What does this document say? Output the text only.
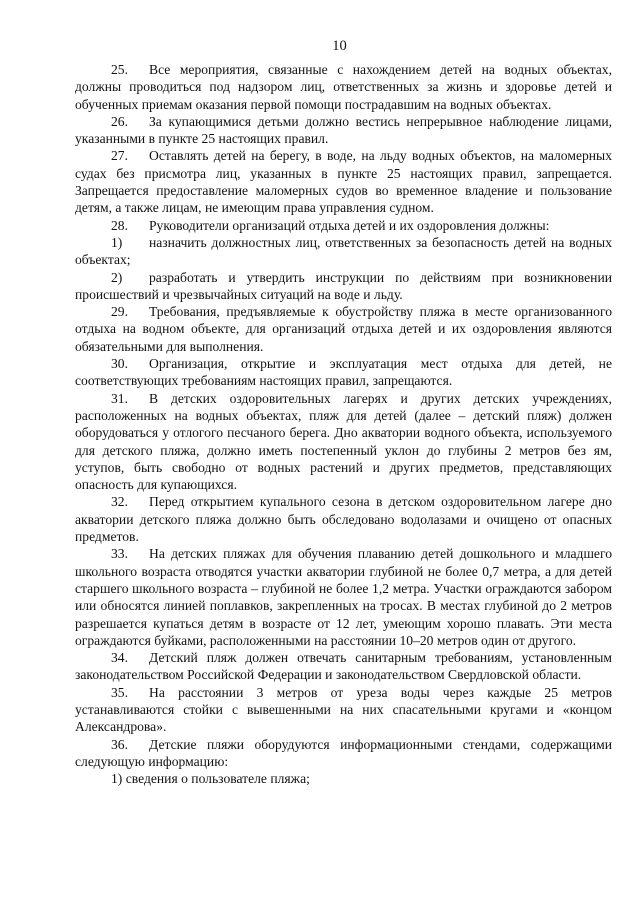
10

25. Все мероприятия, связанные с нахождением детей на водных объектах, должны проводиться под надзором лиц, ответственных за жизнь и здоровье детей и обученных приемам оказания первой помощи пострадавшим на водных объектах.

26. За купающимися детьми должно вестись непрерывное наблюдение лицами, указанными в пункте 25 настоящих правил.

27. Оставлять детей на берегу, в воде, на льду водных объектов, на маломерных судах без присмотра лиц, указанных в пункте 25 настоящих правил, запрещается. Запрещается предоставление маломерных судов во временное владение и пользование детям, а также лицам, не имеющим права управления судном.

28. Руководители организаций отдыха детей и их оздоровления должны:

1) назначить должностных лиц, ответственных за безопасность детей на водных объектах;

2) разработать и утвердить инструкции по действиям при возникновении происшествий и чрезвычайных ситуаций на воде и льду.

29. Требования, предъявляемые к обустройству пляжа в месте организованного отдыха на водном объекте, для организаций отдыха детей и их оздоровления являются обязательными для выполнения.

30. Организация, открытие и эксплуатация мест отдыха для детей, не соответствующих требованиям настоящих правил, запрещаются.

31. В детских оздоровительных лагерях и других детских учреждениях, расположенных на водных объектах, пляж для детей (далее – детский пляж) должен оборудоваться у отлогого песчаного берега. Дно акватории водного объекта, используемого для детского пляжа, должно иметь постепенный уклон до глубины 2 метров без ям, уступов, быть свободно от водных растений и других предметов, представляющих опасность для купающихся.

32. Перед открытием купального сезона в детском оздоровительном лагере дно акватории детского пляжа должно быть обследовано водолазами и очищено от опасных предметов.

33. На детских пляжах для обучения плаванию детей дошкольного и младшего школьного возраста отводятся участки акватории глубиной не более 0,7 метра, а для детей старшего школьного возраста – глубиной не более 1,2 метра. Участки ограждаются забором или обносятся линией поплавков, закрепленных на тросах. В местах глубиной до 2 метров разрешается купаться детям в возрасте от 12 лет, умеющим хорошо плавать. Эти места ограждаются буйками, расположенными на расстоянии 10–20 метров один от другого.

34. Детский пляж должен отвечать санитарным требованиям, установленным законодательством Российской Федерации и законодательством Свердловской области.

35. На расстоянии 3 метров от уреза воды через каждые 25 метров устанавливаются стойки с вывешенными на них спасательными кругами и «концом Александрова».

36. Детские пляжи оборудуются информационными стендами, содержащими следующую информацию:

1) сведения о пользователе пляжа;
